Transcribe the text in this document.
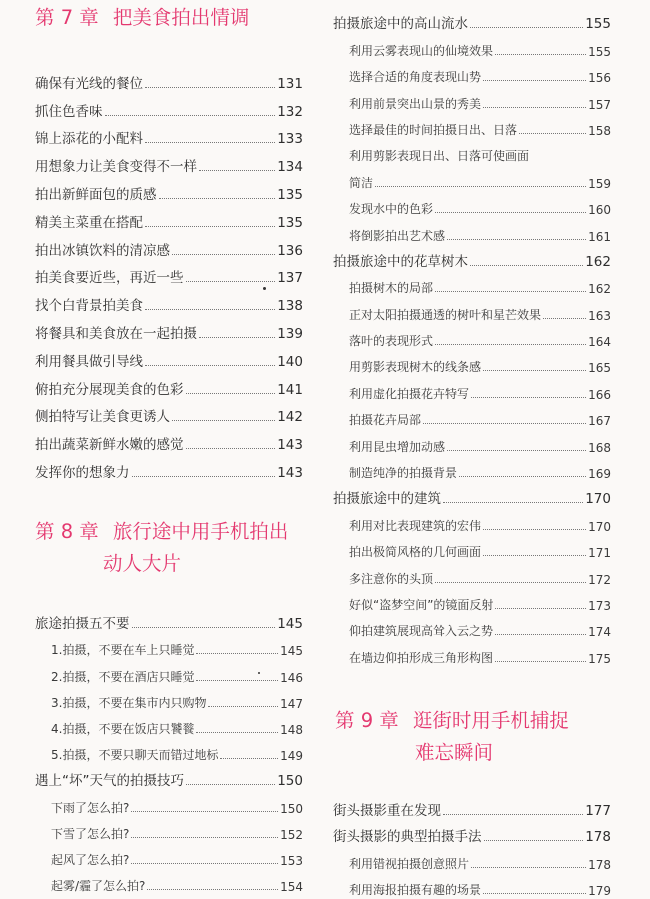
第 7 章 把美食拍出情调
确保有光线的餐位	131
抓住色香味	132
锦上添花的小配料	133
用想象力让美食变得不一样	134
拍出新鲜面包的质感	135
精美主菜重在搭配	135
拍出冰镇饮料的清凉感	136
拍美食要近些，再近一些	137
找个白背景拍美食	138
将餐具和美食放在一起拍摄	139
利用餐具做引导线	140
俯拍充分展现美食的色彩	141
侧拍特写让美食更诱人	142
拍出蔬菜新鲜水嫩的感觉	143
发挥你的想象力	143
第 8 章 旅行途中用手机拍出
动人大片
旅途拍摄五不要	145
1.拍摄，不要在车上只睡觉	145
2.拍摄，不要在酒店只睡觉	146
3.拍摄，不要在集市内只购物	147
4.拍摄，不要在饭店只饕餮	148
5.拍摄，不要只聊天而错过地标	149
遇上“坏”天气的拍摄技巧	150
下雨了怎么拍?	150
下雪了怎么拍?	152
起风了怎么拍?	153
起雾/霾了怎么拍?	154
拍摄旅途中的高山流水	155
利用云雾表现山的仙境效果	155
选择合适的角度表现山势	156
利用前景突出山景的秀美	157
选择最佳的时间拍摄日出、日落	158
利用剪影表现日出、日落可使画面
简洁	159
发现水中的色彩	160
将倒影拍出艺术感	161
拍摄旅途中的花草树木	162
拍摄树木的局部	162
正对太阳拍摄通透的树叶和星芒效果	163
落叶的表现形式	164
用剪影表现树木的线条感	165
利用虚化拍摄花卉特写	166
拍摄花卉局部	167
利用昆虫增加动感	168
制造纯净的拍摄背景	169
拍摄旅途中的建筑	170
利用对比表现建筑的宏伟	170
拍出极简风格的几何画面	171
多注意你的头顶	172
好似“盗梦空间”的镜面反射	173
仰拍建筑展现高耸入云之势	174
在墙边仰拍形成三角形构图	175
第 9 章 逛街时用手机捕捉
难忘瞬间
街头摄影重在发现	177
街头摄影的典型拍摄手法	178
利用错视拍摄创意照片	178
利用海报拍摄有趣的场景	179
